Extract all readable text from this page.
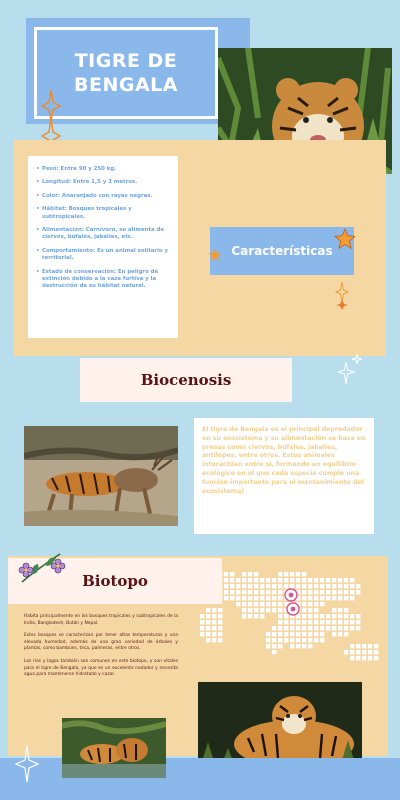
TIGRE DE
BENGALA
• Peso: Entre 90 y 250 kg.
• Longitud: Entre 1,5 y 3 metros.
• Color: Anaranjado con rayas negras.
• Hábitat: Bosques tropicales y subtropicales.
• Alimentación: Carnívoro, se alimenta de ciervos, búfalos, jabalíes, etc.
• Comportamiento: Es un animal solitario y territorial.
• Estado de conservación: En peligro de extinción debido a la caza furtiva y la destrucción de su hábitat natural.
Características
Biocenosis
El tigre de Bengala es el principal depredador en su ecosistema y su alimentación se basa en presas como ciervos, búfalos, jabalíes, antílopes, entre otros. Estos animales interactúan entre sí, formando un equilibrio ecológico en el que cada especie cumple una función importante para el mantenimiento del ecosistema)
Biotopo

Habita principalmente en los bosques tropicales y subtropicales de la India, Bangladesh, Bután y Nepal.

Estos bosques se caracterizan por tener altas temperaturas y una elevada humedad, además de una gran variedad de árboles y plantas, como bambúes, teca, palmeras, entre otros.

Los ríos y lagos también son comunes en este biotopo, y son vitales para el tigre de Bengala, ya que es un excelente nadador y necesita agua para mantenerse hidratado y cazar.
